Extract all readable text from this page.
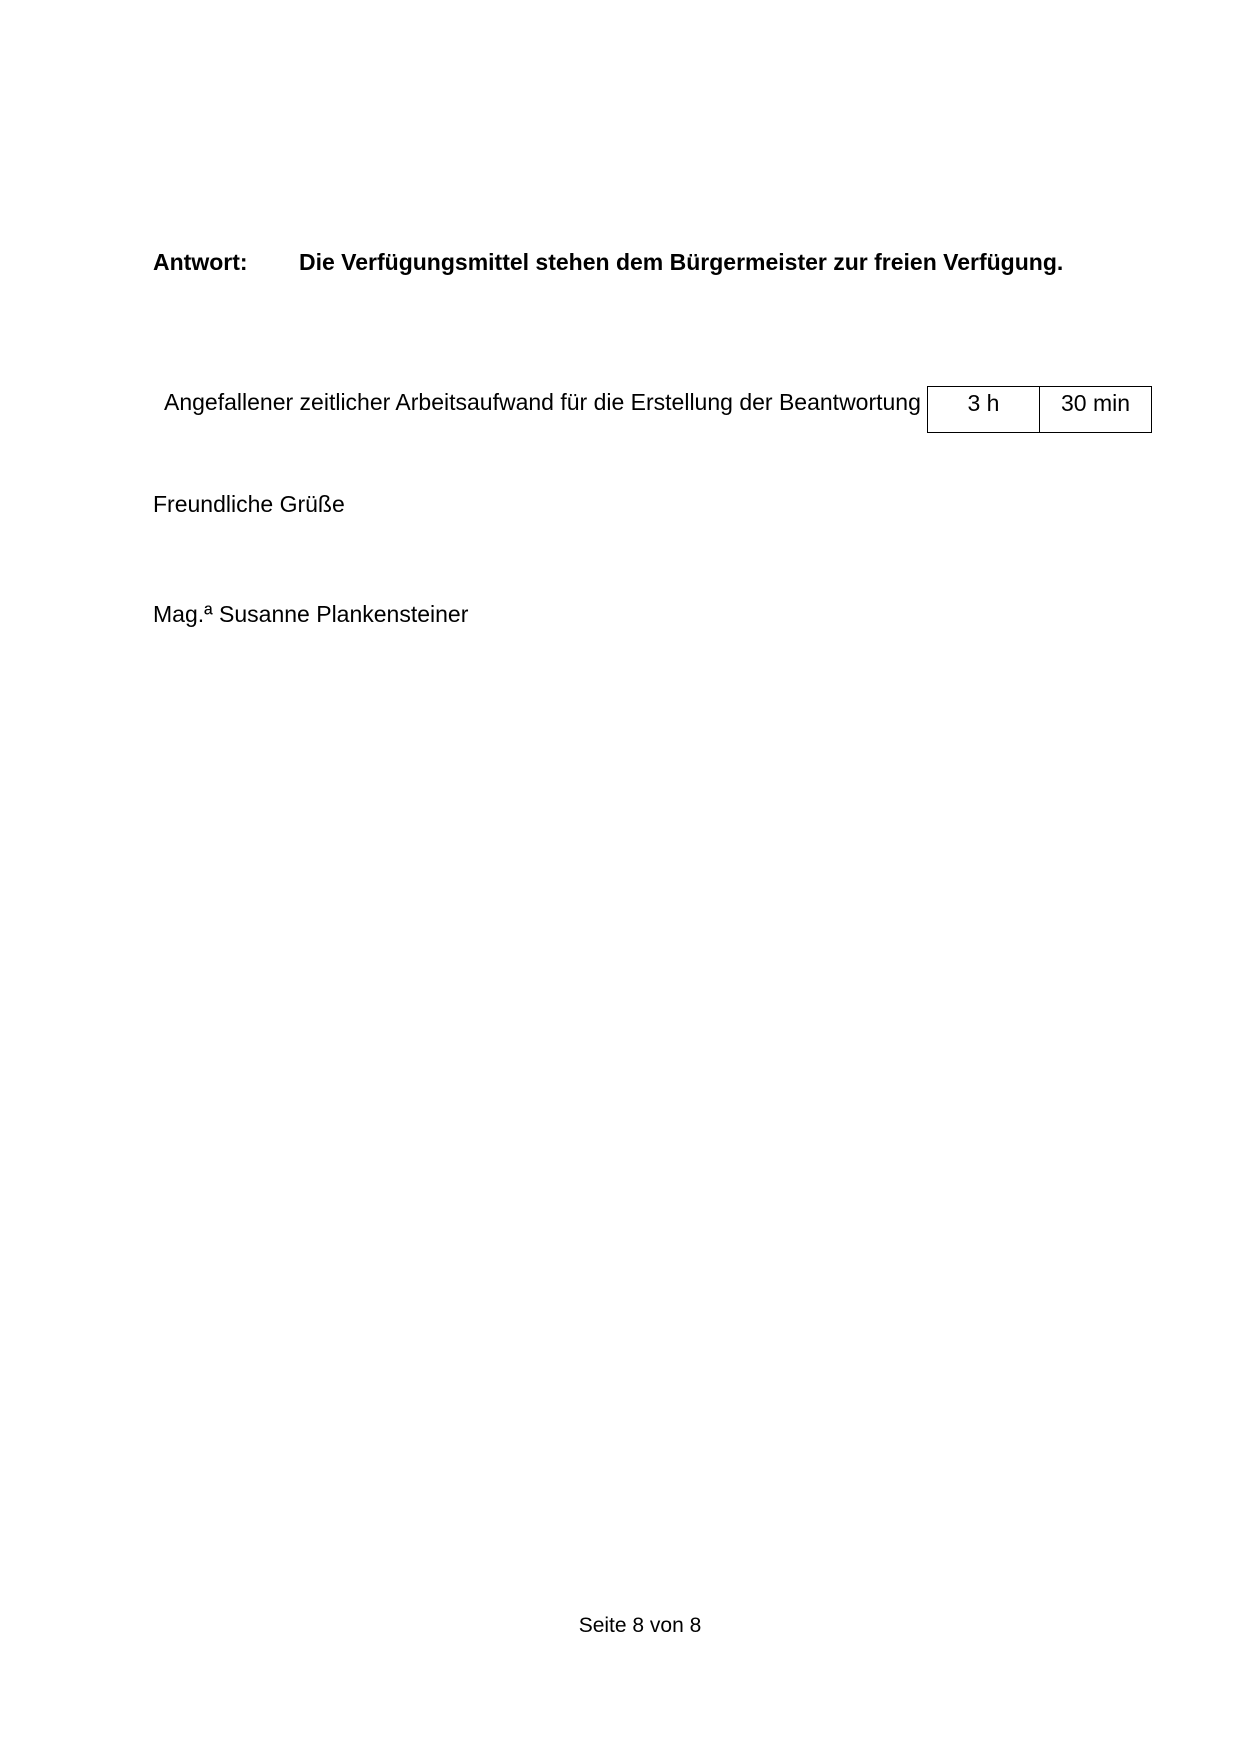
Antwort: Die Verfügungsmittel stehen dem Bürgermeister zur freien Verfügung.
Angefallener zeitlicher Arbeitsaufwand für die Erstellung der Beantwortung	3 h	30 min
Freundliche Grüße
Mag.ª Susanne Plankensteiner
Seite 8 von 8
